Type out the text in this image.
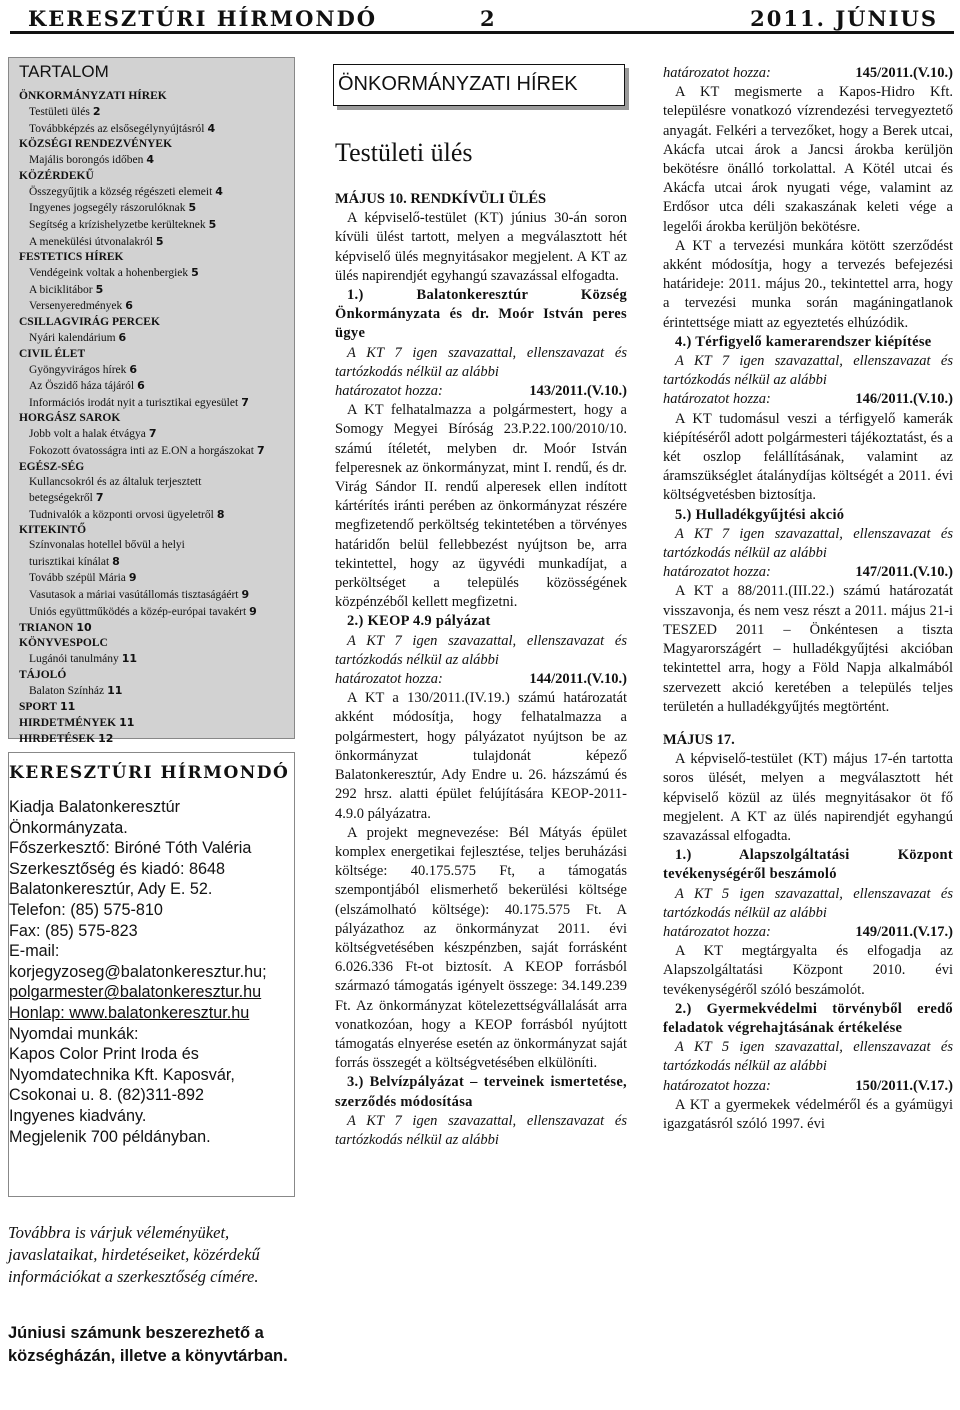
KERESZTÚRI HÍRMONDÓ	2	2011. JÚNIUS
TARTALOM
ÖNKORMÁNYZATI HÍREK
Testületi ülés 2
Továbbképzés az elsősegélynyújtásról 4
KÖZSÉGI RENDEZVÉNYEK
Majális borongós időben 4
KÖZÉRDEKŰ
Összegyűjtik a község régészeti elemeit 4
Ingyenes jogsegély rászorulóknak 5
Segítség a krízishelyzetbe kerülteknek 5
A menekülési útvonalakról 5
FESTETICS HÍREK
Vendégeink voltak a hohenbergiek 5
A biciklitábor 5
Versenyeredmények 6
CSILLAGVIRÁG PERCEK
Nyári kalendárium 6
CIVIL ÉLET
Gyöngyvirágos hírek 6
Az Öszidő háza tájáról 6
Információs irodát nyit a turisztikai egyesület 7
HORGÁSZ SAROK
Jobb volt a halak étvágya 7
Fokozott óvatosságra inti az E.ON a horgászokat 7
EGÉSZ-SÉG
Kullancsokról és az általuk terjesztett
betegségekről 7
Tudnivalók a központi orvosi ügyeletről 8
KITEKINTŐ
Színvonalas hotellel bővül a helyi
turisztikai kínálat 8
Tovább szépül Mária 9
Vasutasok a máriai vasútállomás tisztaságáért 9
Uniós együttműködés a közép-európai tavakért 9
TRIANON 10
KÖNYVESPOLC
Lugánói tanulmány 11
TÁJOLÓ
Balaton Színház 11
SPORT 11
HIRDETMÉNYEK 11
HIRDETÉSEK 12
KERESZTÚRI HÍRMONDÓ
Kiadja Balatonkeresztúr
Önkormányzata.
Főszerkesztő: Biróné Tóth Valéria
Szerkesztőség és kiadó: 8648
Balatonkeresztúr, Ady E. 52.
Telefon: (85) 575-810
Fax: (85) 575-823
E-mail:
korjegyzoseg@balatonkeresztur.hu;
polgarmester@balatonkeresztur.hu
Honlap: www.balatonkeresztur.hu
Nyomdai munkák:
Kapos Color Print Iroda és
Nyomdatechnika Kft. Kaposvár,
Csokonai u. 8. (82)311-892
Ingyenes kiadvány.
Megjelenik 700 példányban.
Továbbra is várjuk véleményüket, javaslataikat, hirdetéseiket, közérdekű információkat a szerkesztőség címére.
Júniusi számunk beszerezhető a községházán, illetve a könyvtárban.
ÖNKORMÁNYZATI HÍREK
Testületi ülés

MÁJUS 10. RENDKÍVÜLI ÜLÉS

A képviselő-testület (KT) június 30-án soron kívüli ülést tartott, melyen a megválasztott hét képviselő ülés megnyitásakor megjelent. A KT az ülés napirendjét egyhangú szavazással elfogadta.

1.) Balatonkeresztúr Község Önkormányzata és dr. Moór István peres ügye

A KT 7 igen szavazattal, ellenszavazat és tartózkodás nélkül az alábbi

határozatot hozza:	143/2011.(V.10.)

A KT felhatalmazza a polgármestert, hogy a Somogy Megyei Bíróság 23.P.22.100/2010/10. számú ítéletét, melyben dr. Moór István felperesnek az önkormányzat, mint I. rendű, és dr. Virág Sándor II. rendű alperesek ellen indított kártérítés iránti perében az önkormányzat részére megfizetendő perköltség tekintetében a törvényes határidőn belül fellebbezést nyújtson be, arra tekintettel, hogy az ügyvédi munkadíjat, a perköltséget a település közösségének közpénzéből kellett megfizetni.

2.) KEOP 4.9 pályázat

A KT 7 igen szavazattal, ellenszavazat és tartózkodás nélkül az alábbi

határozatot hozza:	144/2011.(V.10.)

A KT a 130/2011.(IV.19.) számú határozatát akként módosítja, hogy felhatalmazza a polgármestert, hogy pályázatot nyújtson be az önkormányzat tulajdonát képező Balatonkeresztúr, Ady Endre u. 26. házszámú és 292 hrsz. alatti épület felújítására KEOP-2011-4.9.0 pályázatra.

A projekt megnevezése: Bél Mátyás épület komplex energetikai fejlesztése, teljes beruházási költsége: 40.175.575 Ft, a támogatás szempontjából elismerhető bekerülési költsége (elszámolható költsége): 40.175.575 Ft. A pályázathoz az önkormányzat 2011. évi költségvetésében készpénzben, saját forrásként 6.026.336 Ft-ot biztosít. A KEOP forrásból származó támogatás igényelt összege: 34.149.239 Ft. Az önkormányzat kötelezettségvállalását arra vonatkozóan, hogy a KEOP forrásból nyújtott támogatás elnyerése esetén az önkormányzat saját forrás összegét a költségvetésében elkülöníti.

3.) Belvízpályázat – terveinek ismertetése, szerződés módosítása

A KT 7 igen szavazattal, ellenszavazat és tartózkodás nélkül az alábbi

határozatot hozza:	145/2011.(V.10.)

A KT megismerte a Kapos-Hidro Kft. településre vonatkozó vízrendezési tervegyeztető anyagát. Felkéri a tervezőket, hogy a Berek utcai, Akácfa utcai árok a Jancsi árokba kerüljön bekötésre önálló torkolattal. A Kötél utcai és Akácfa utcai árok nyugati vége, valamint az Erdősor utca déli szakaszának keleti vége a legelői árokba kerüljön bekötésre.

A KT a tervezési munkára kötött szerződést akként módosítja, hogy a tervezés befejezési határideje: 2011. május 20., tekintettel arra, hogy a tervezési munka során magáningatlanok érintettsége miatt az egyeztetés elhúzódik.

4.) Térfigyelő kamerarendszer kiépítése

A KT 7 igen szavazattal, ellenszavazat és tartózkodás nélkül az alábbi

határozatot hozza:	146/2011.(V.10.)

A KT tudomásul veszi a térfigyelő kamerák kiépítéséről adott polgármesteri tájékoztatást, és a két oszlop felállításának, valamint az áramszükséglet átalánydíjas költségét a 2011. évi költségvetésben biztosítja.

5.) Hulladékgyűjtési akció

A KT 7 igen szavazattal, ellenszavazat és tartózkodás nélkül az alábbi

határozatot hozza:	147/2011.(V.10.)

A KT a 88/2011.(III.22.) számú határozatát visszavonja, és nem vesz részt a 2011. május 21-i TESZED 2011 – Önkéntesen a tiszta Magyarországért – hulladékgyűjtési akcióban tekintettel arra, hogy a Föld Napja alkalmából szervezett akció keretében a település teljes területén a hulladékgyűjtés megtörtént.

MÁJUS 17.

A képviselő-testület (KT) május 17-én tartotta soros ülését, melyen a megválasztott hét képviselő közül az ülés megnyitásakor öt fő megjelent. A KT az ülés napirendjét egyhangú szavazással elfogadta.

1.) Alapszolgáltatási Központ tevékenységéről beszámoló

A KT 5 igen szavazattal, ellenszavazat és tartózkodás nélkül az alábbi

határozatot hozza:	149/2011.(V.17.)

A KT megtárgyalta és elfogadja az Alapszolgáltatási Központ 2010. évi tevékenységéről szóló beszámolót.

2.) Gyermekvédelmi törvényből eredő feladatok végrehajtásának értékelése

A KT 5 igen szavazattal, ellenszavazat és tartózkodás nélkül az alábbi

határozatot hozza:	150/2011.(V.17.)

A KT a gyermekek védelméről és a gyámügyi igazgatásról szóló 1997. évi
